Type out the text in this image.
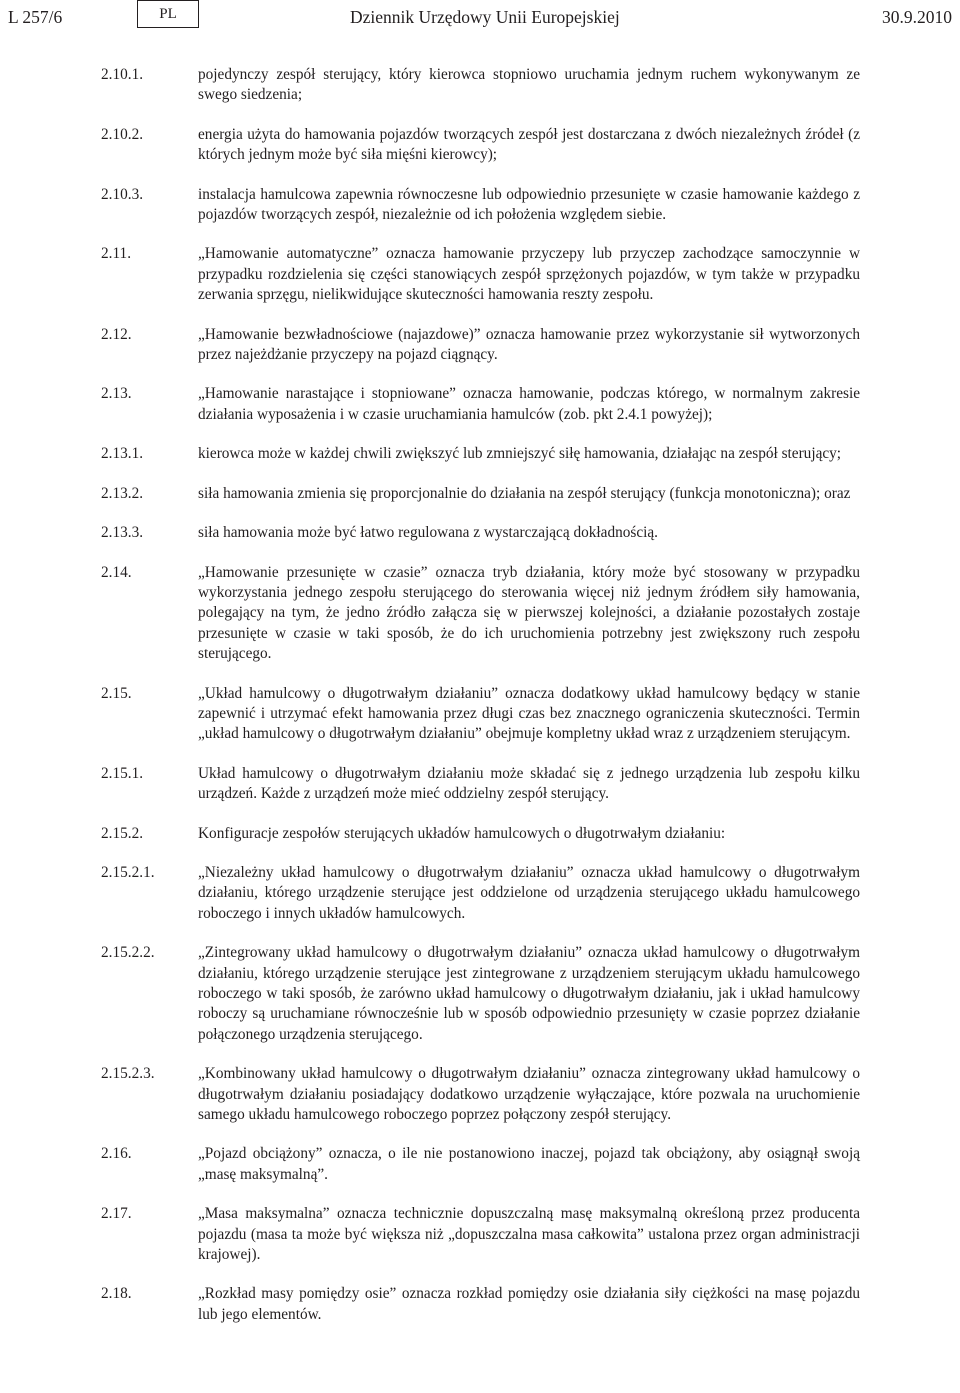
L 257/6	PL	Dziennik Urzędowy Unii Europejskiej	30.9.2010
2.10.1.	pojedynczy zespół sterujący, który kierowca stopniowo uruchamia jednym ruchem wykonywanym ze swego siedzenia;
2.10.2.	energia użyta do hamowania pojazdów tworzących zespół jest dostarczana z dwóch niezależnych źródeł (z których jednym może być siła mięśni kierowcy);
2.10.3.	instalacja hamulcowa zapewnia równoczesne lub odpowiednio przesunięte w czasie hamowanie każdego z pojazdów tworzących zespół, niezależnie od ich położenia względem siebie.
2.11.	„Hamowanie automatyczne” oznacza hamowanie przyczepy lub przyczep zachodzące samoczynnie w przypadku rozdzielenia się części stanowiących zespół sprzężonych pojazdów, w tym także w przypadku zerwania sprzęgu, nielikwidujące skuteczności hamowania reszty zespołu.
2.12.	„Hamowanie bezwładnościowe (najazdowe)” oznacza hamowanie przez wykorzystanie sił wytworzonych przez najeżdżanie przyczepy na pojazd ciągnący.
2.13.	„Hamowanie narastające i stopniowane” oznacza hamowanie, podczas którego, w normalnym zakresie działania wyposażenia i w czasie uruchamiania hamulców (zob. pkt 2.4.1 powyżej);
2.13.1.	kierowca może w każdej chwili zwiększyć lub zmniejszyć siłę hamowania, działając na zespół sterujący;
2.13.2.	siła hamowania zmienia się proporcjonalnie do działania na zespół sterujący (funkcja monotoniczna); oraz
2.13.3.	siła hamowania może być łatwo regulowana z wystarczającą dokładnością.
2.14.	„Hamowanie przesunięte w czasie” oznacza tryb działania, który może być stosowany w przypadku wykorzystania jednego zespołu sterującego do sterowania więcej niż jednym źródłem siły hamowania, polegający na tym, że jedno źródło załącza się w pierwszej kolejności, a działanie pozostałych zostaje przesunięte w czasie w taki sposób, że do ich uruchomienia potrzebny jest zwiększony ruch zespołu sterującego.
2.15.	„Układ hamulcowy o długotrwałym działaniu” oznacza dodatkowy układ hamulcowy będący w stanie zapewnić i utrzymać efekt hamowania przez długi czas bez znacznego ograniczenia skuteczności. Termin „układ hamulcowy o długotrwałym działaniu” obejmuje kompletny układ wraz z urządzeniem sterującym.
2.15.1.	Układ hamulcowy o długotrwałym działaniu może składać się z jednego urządzenia lub zespołu kilku urządzeń. Każde z urządzeń może mieć oddzielny zespół sterujący.
2.15.2.	Konfiguracje zespołów sterujących układów hamulcowych o długotrwałym działaniu:
2.15.2.1.	„Niezależny układ hamulcowy o długotrwałym działaniu” oznacza układ hamulcowy o długotrwałym działaniu, którego urządzenie sterujące jest oddzielone od urządzenia sterującego układu hamulcowego roboczego i innych układów hamulcowych.
2.15.2.2.	„Zintegrowany układ hamulcowy o długotrwałym działaniu” oznacza układ hamulcowy o długotrwałym działaniu, którego urządzenie sterujące jest zintegrowane z urządzeniem sterującym układu hamulcowego roboczego w taki sposób, że zarówno układ hamulcowy o długotrwałym działaniu, jak i układ hamulcowy roboczy są uruchamiane równocześnie lub w sposób odpowiednio przesunięty w czasie poprzez działanie połączonego urządzenia sterującego.
2.15.2.3.	„Kombinowany układ hamulcowy o długotrwałym działaniu” oznacza zintegrowany układ hamulcowy o długotrwałym działaniu posiadający dodatkowo urządzenie wyłączające, które pozwala na uruchomienie samego układu hamulcowego roboczego poprzez połączony zespół sterujący.
2.16.	„Pojazd obciążony” oznacza, o ile nie postanowiono inaczej, pojazd tak obciążony, aby osiągnął swoją „masę maksymalną”.
2.17.	„Masa maksymalna” oznacza technicznie dopuszczalną masę maksymalną określoną przez producenta pojazdu (masa ta może być większa niż „dopuszczalna masa całkowita” ustalona przez organ administracji krajowej).
2.18.	„Rozkład masy pomiędzy osie” oznacza rozkład pomiędzy osie działania siły ciężkości na masę pojazdu lub jego elementów.
